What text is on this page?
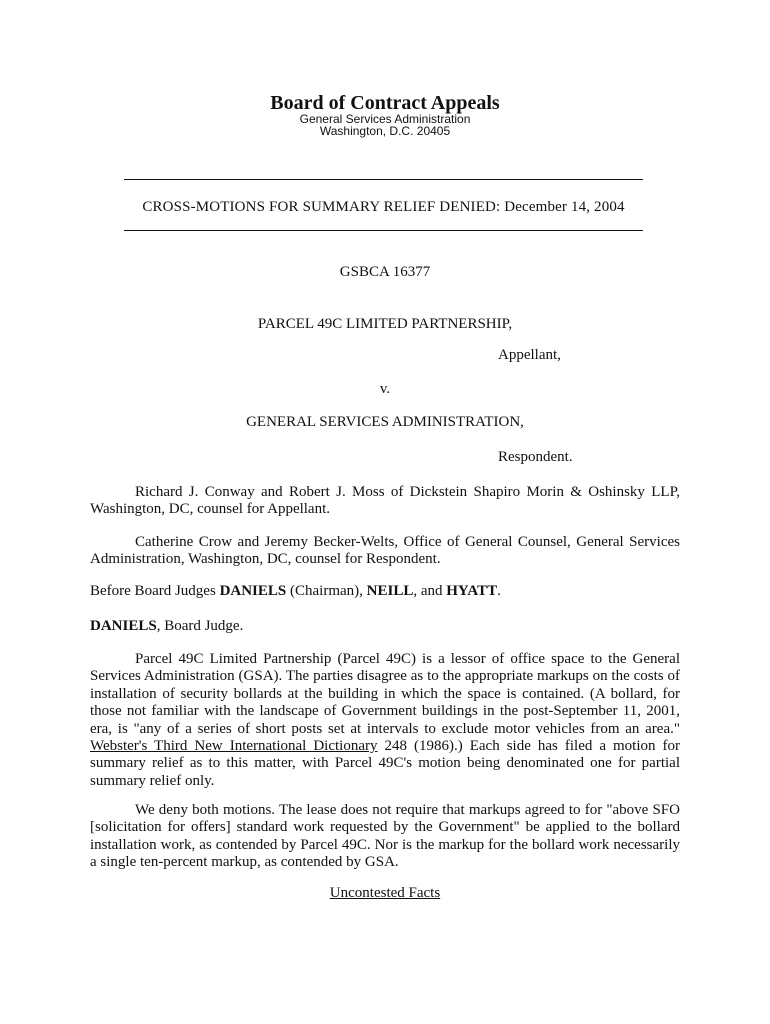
Board of Contract Appeals
General Services Administration
Washington, D.C. 20405
CROSS-MOTIONS FOR SUMMARY RELIEF DENIED: December 14, 2004
GSBCA 16377
PARCEL 49C LIMITED PARTNERSHIP,
Appellant,
v.
GENERAL SERVICES ADMINISTRATION,
Respondent.
Richard J. Conway and Robert J. Moss of Dickstein Shapiro Morin & Oshinsky LLP, Washington, DC, counsel for Appellant.
Catherine Crow and Jeremy Becker-Welts, Office of General Counsel, General Services Administration, Washington, DC, counsel for Respondent.
Before Board Judges DANIELS (Chairman), NEILL, and HYATT.
DANIELS, Board Judge.
Parcel 49C Limited Partnership (Parcel 49C) is a lessor of office space to the General Services Administration (GSA). The parties disagree as to the appropriate markups on the costs of installation of security bollards at the building in which the space is contained. (A bollard, for those not familiar with the landscape of Government buildings in the post-September 11, 2001, era, is "any of a series of short posts set at intervals to exclude motor vehicles from an area." Webster's Third New International Dictionary 248 (1986).) Each side has filed a motion for summary relief as to this matter, with Parcel 49C's motion being denominated one for partial summary relief only.
We deny both motions. The lease does not require that markups agreed to for "above SFO [solicitation for offers] standard work requested by the Government" be applied to the bollard installation work, as contended by Parcel 49C. Nor is the markup for the bollard work necessarily a single ten-percent markup, as contended by GSA.
Uncontested Facts
